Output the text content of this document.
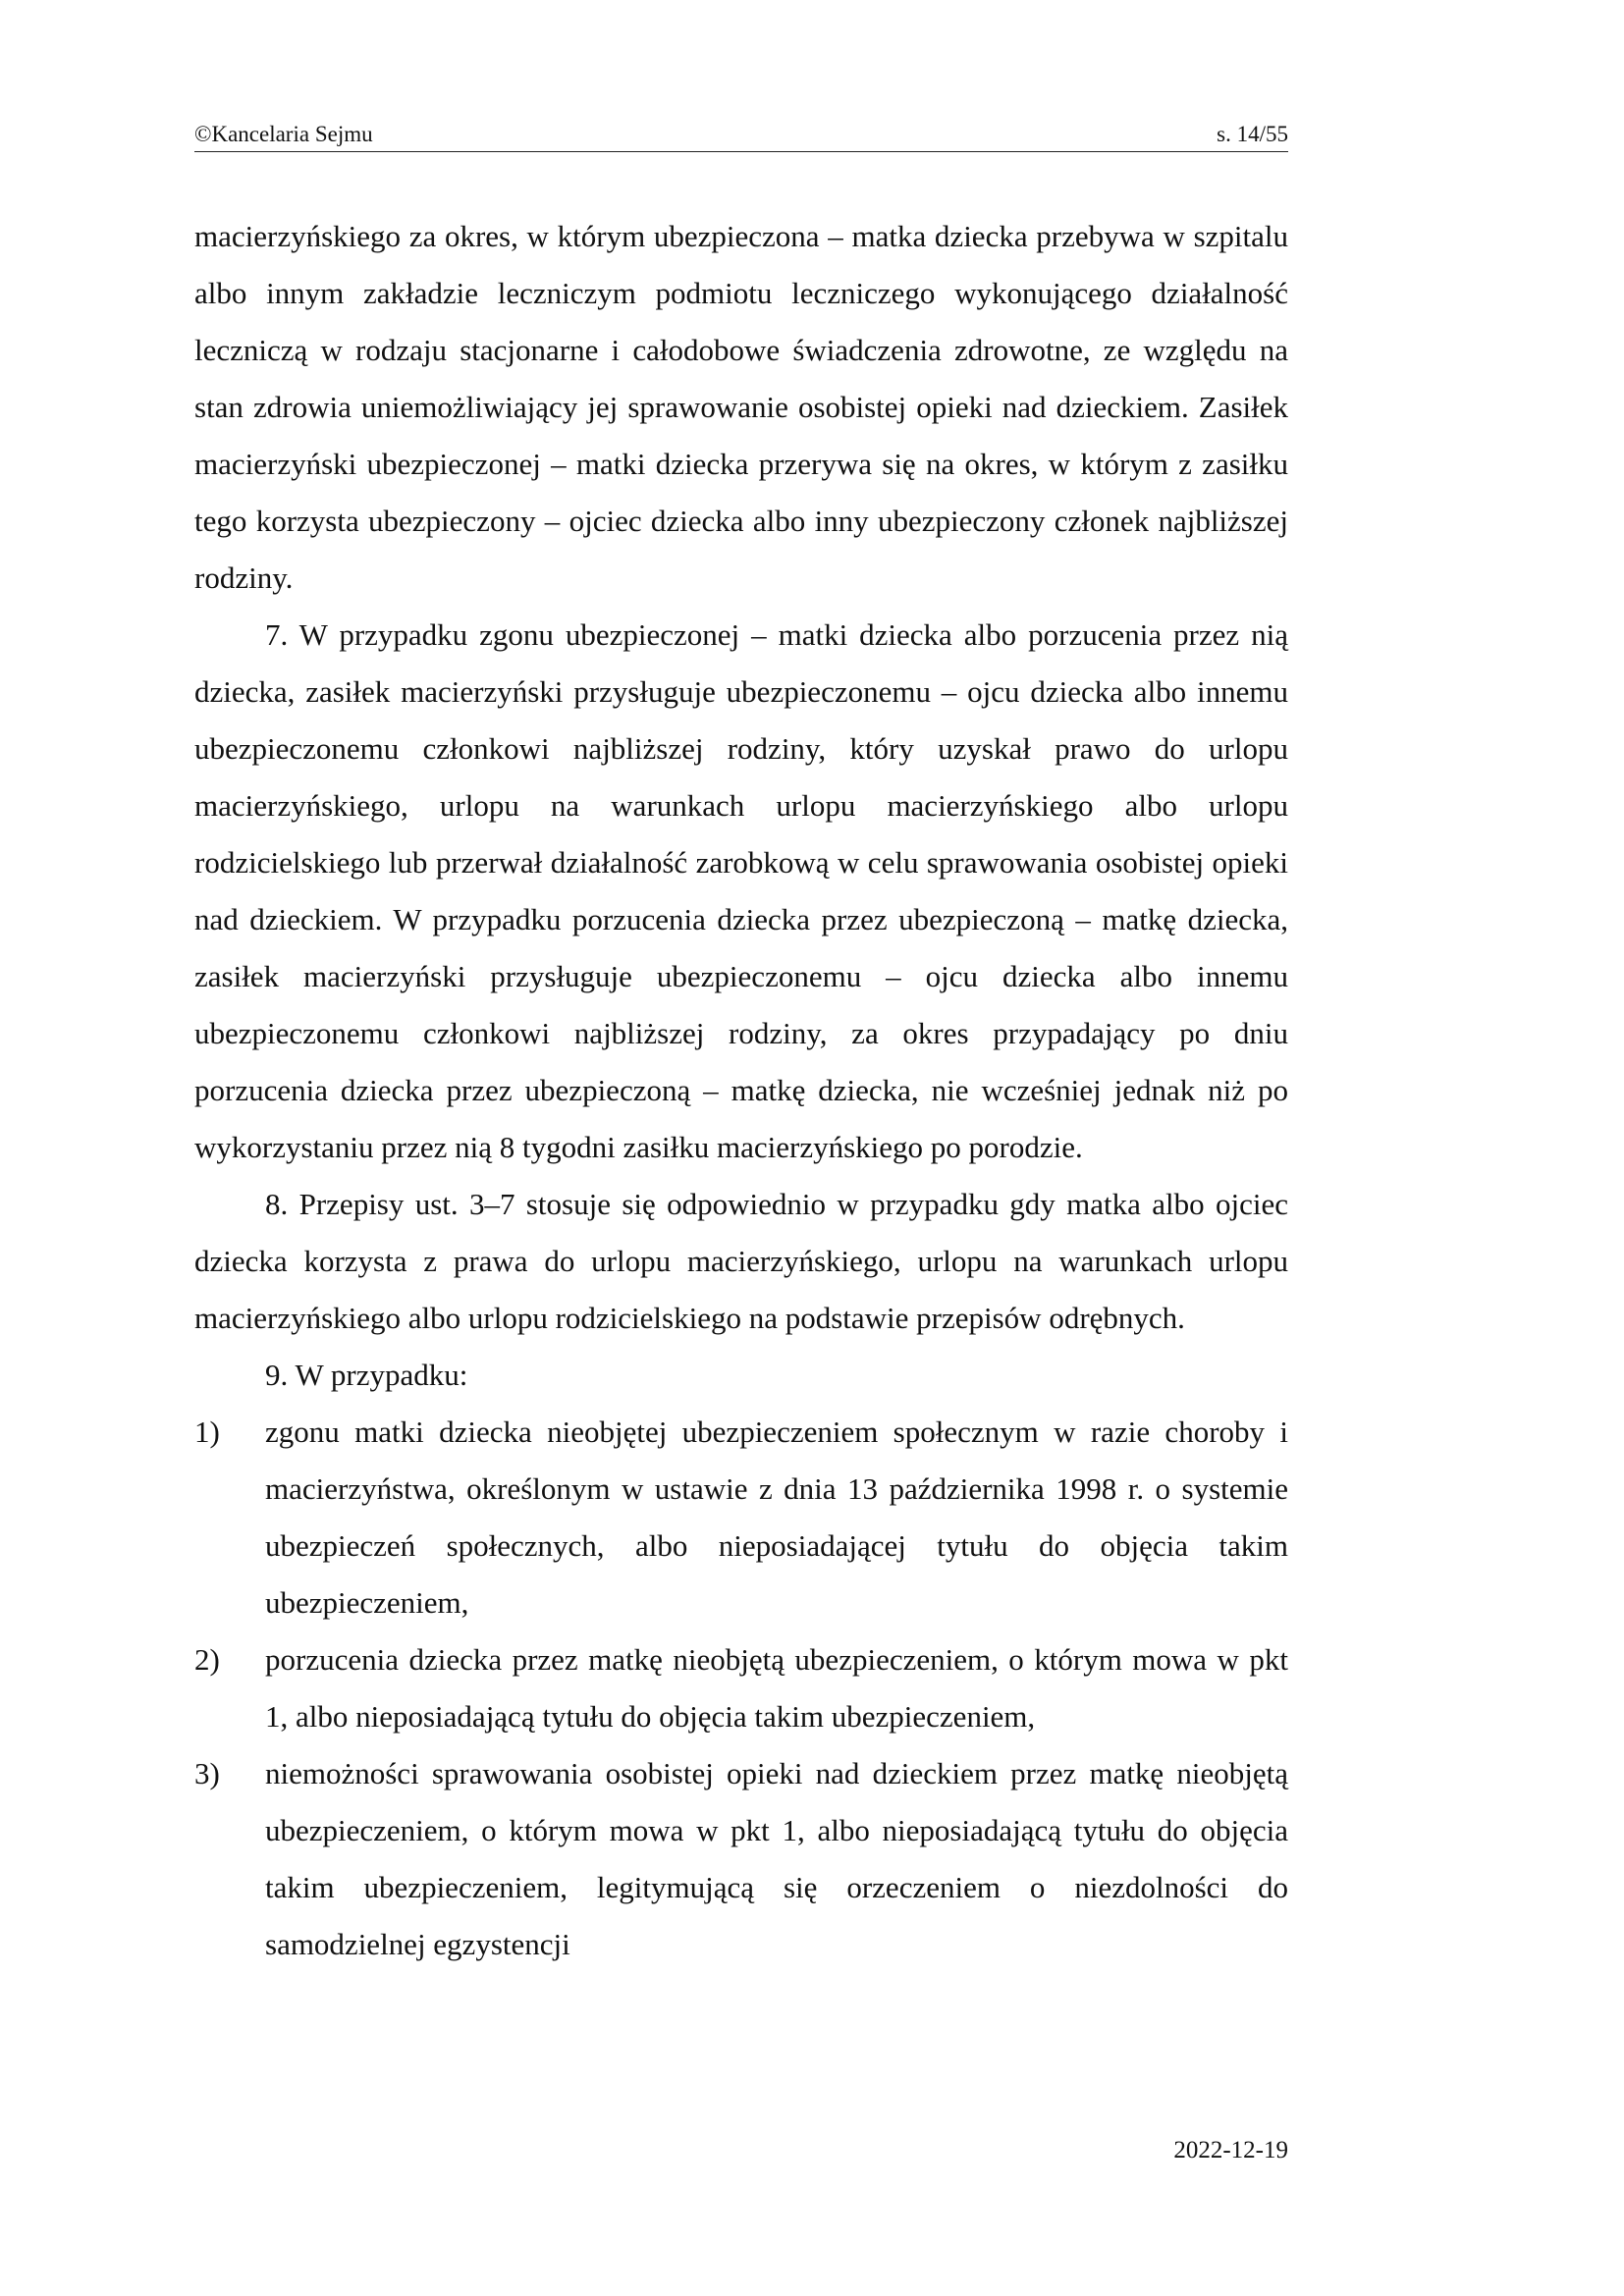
©Kancelaria Sejmu	s. 14/55

macierzyńskiego za okres, w którym ubezpieczona – matka dziecka przebywa w szpitalu albo innym zakładzie leczniczym podmiotu leczniczego wykonującego działalność leczniczą w rodzaju stacjonarne i całodobowe świadczenia zdrowotne, ze względu na stan zdrowia uniemożliwiający jej sprawowanie osobistej opieki nad dzieckiem. Zasiłek macierzyński ubezpieczonej – matki dziecka przerywa się na okres, w którym z zasiłku tego korzysta ubezpieczony – ojciec dziecka albo inny ubezpieczony członek najbliższej rodziny.

7. W przypadku zgonu ubezpieczonej – matki dziecka albo porzucenia przez nią dziecka, zasiłek macierzyński przysługuje ubezpieczonemu – ojcu dziecka albo innemu ubezpieczonemu członkowi najbliższej rodziny, który uzyskał prawo do urlopu macierzyńskiego, urlopu na warunkach urlopu macierzyńskiego albo urlopu rodzicielskiego lub przerwał działalność zarobkową w celu sprawowania osobistej opieki nad dzieckiem. W przypadku porzucenia dziecka przez ubezpieczoną – matkę dziecka, zasiłek macierzyński przysługuje ubezpieczonemu – ojcu dziecka albo innemu ubezpieczonemu członkowi najbliższej rodziny, za okres przypadający po dniu porzucenia dziecka przez ubezpieczoną – matkę dziecka, nie wcześniej jednak niż po wykorzystaniu przez nią 8 tygodni zasiłku macierzyńskiego po porodzie.

8. Przepisy ust. 3–7 stosuje się odpowiednio w przypadku gdy matka albo ojciec dziecka korzysta z prawa do urlopu macierzyńskiego, urlopu na warunkach urlopu macierzyńskiego albo urlopu rodzicielskiego na podstawie przepisów odrębnych.

9. W przypadku:

1) zgonu matki dziecka nieobjętej ubezpieczeniem społecznym w razie choroby i macierzyństwa, określonym w ustawie z dnia 13 października 1998 r. o systemie ubezpieczeń społecznych, albo nieposiadającej tytułu do objęcia takim ubezpieczeniem,
2) porzucenia dziecka przez matkę nieobjętą ubezpieczeniem, o którym mowa w pkt 1, albo nieposiadającą tytułu do objęcia takim ubezpieczeniem,
3) niemożności sprawowania osobistej opieki nad dzieckiem przez matkę nieobjętą ubezpieczeniem, o którym mowa w pkt 1, albo nieposiadającą tytułu do objęcia takim ubezpieczeniem, legitymującą się orzeczeniem o niezdolności do samodzielnej egzystencji
2022-12-19
